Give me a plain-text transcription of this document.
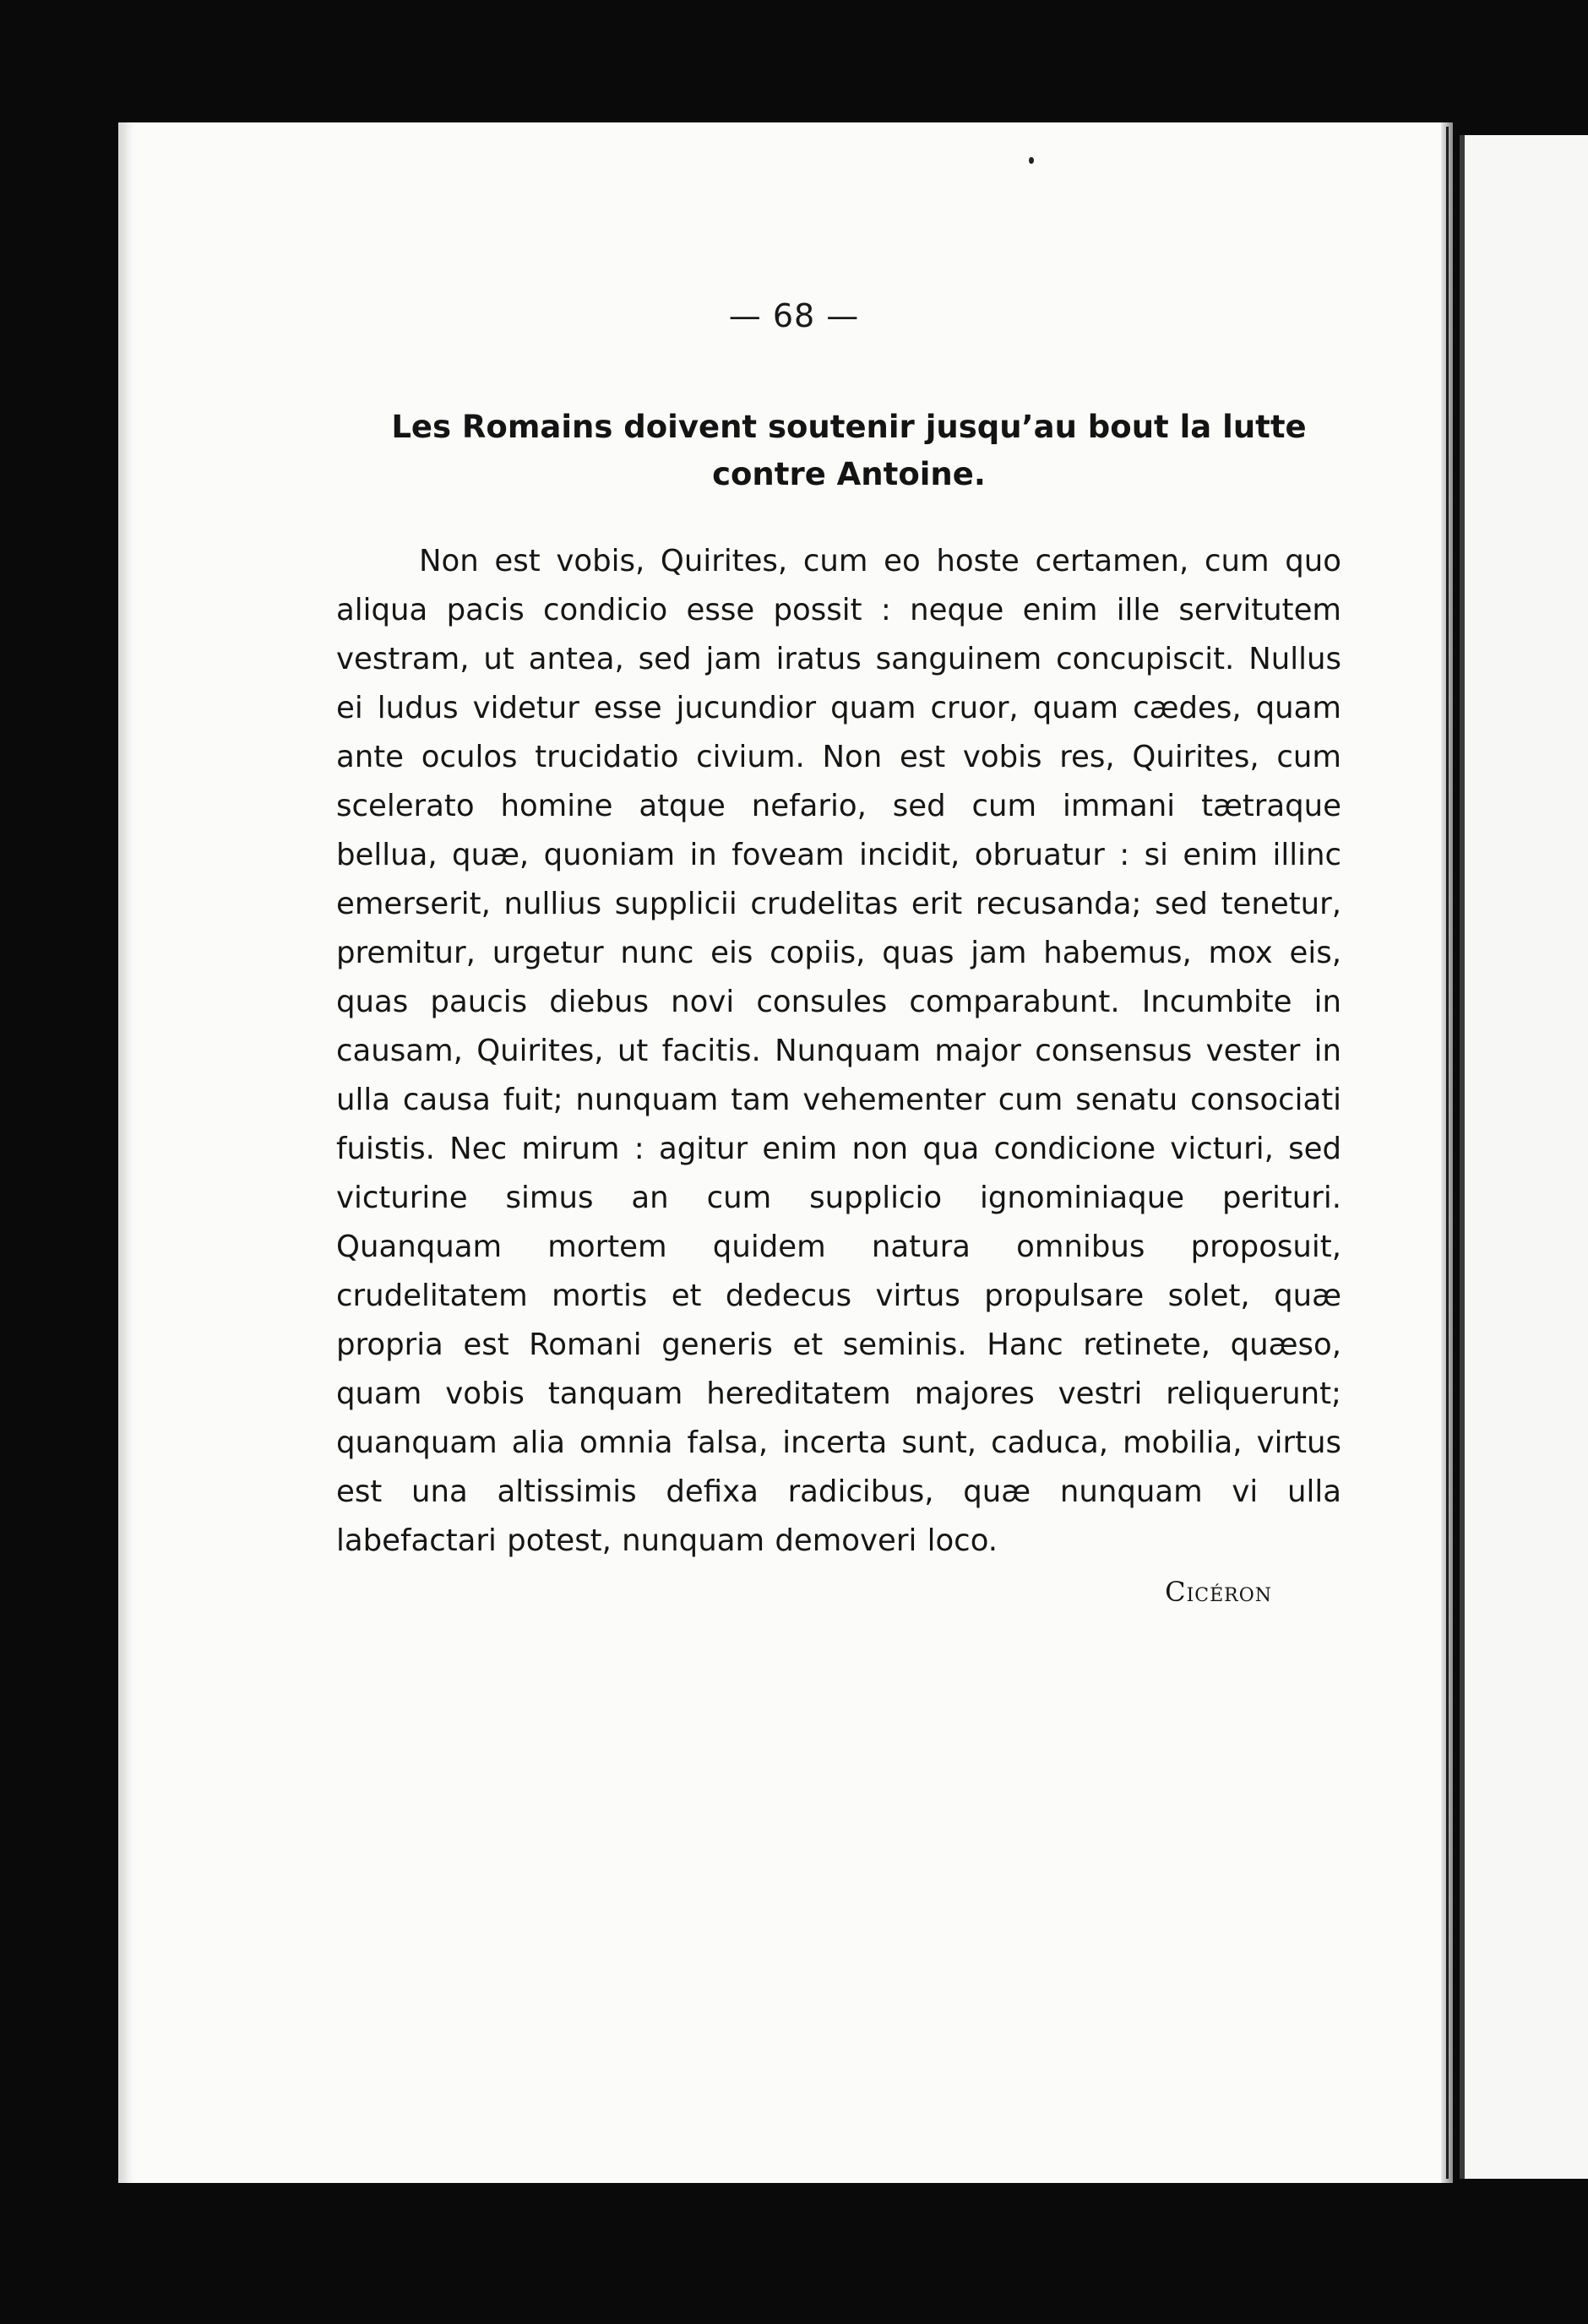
— 68 —
Les Romains doivent soutenir jusqu’au bout la lutte contre Antoine.

Non est vobis, Quirites, cum eo hoste certamen, cum quo aliqua pacis condicio esse possit : neque enim ille servitutem vestram, ut antea, sed jam iratus sanguinem concupiscit. Nullus ei ludus videtur esse jucundior quam cruor, quam cædes, quam ante oculos trucidatio civium. Non est vobis res, Quirites, cum scelerato homine atque nefario, sed cum immani tætraque bellua, quæ, quoniam in foveam incidit, obruatur : si enim illinc emerserit, nullius supplicii crudelitas erit recusanda; sed tenetur, premitur, urgetur nunc eis copiis, quas jam habemus, mox eis, quas paucis diebus novi consules comparabunt. Incumbite in causam, Quirites, ut facitis. Nunquam major consensus vester in ulla causa fuit; nunquam tam vehementer cum senatu consociati fuistis. Nec mirum : agitur enim non qua condicione victuri, sed victurine simus an cum supplicio ignominiaque perituri. Quanquam mortem quidem natura omnibus proposuit, crudelitatem mortis et dedecus virtus propulsare solet, quæ propria est Romani generis et seminis. Hanc retinete, quæso, quam vobis tanquam hereditatem majores vestri reliquerunt; quanquam alia omnia falsa, incerta sunt, caduca, mobilia, virtus est una altissimis defixa radicibus, quæ nunquam vi ulla labefactari potest, nunquam demoveri loco.

Cicéron
